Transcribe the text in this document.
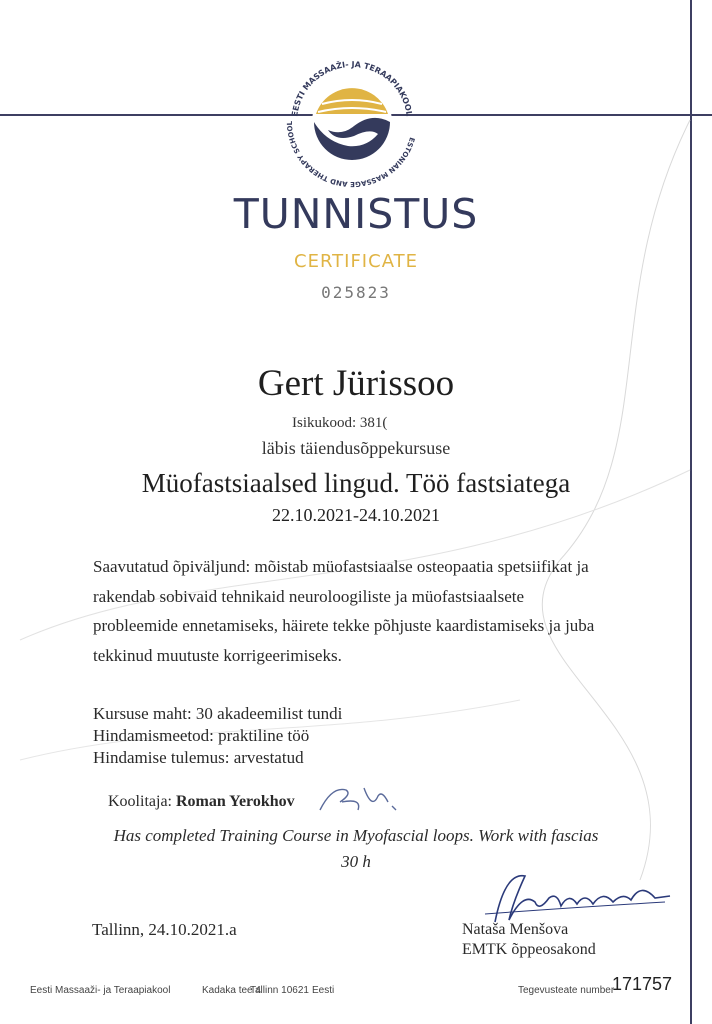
EESTI MASSAAŽI- JA TERAAPIAKOOL
ESTONIAN MASSAGE AND THERAPY SCHOOL
TUNNISTUS
CERTIFICATE
025823
Gert Jürissoo
Isikukood: 381(
läbis täiendusõppekursuse
Müofastsiaalsed lingud. Töö fastsiatega
22.10.2021-24.10.2021
Saavutatud õpiväljund: mõistab müofastsiaalse osteopaatia spetsiifikat ja
rakendab sobivaid tehnikaid neuroloogiliste ja müofastsiaalsete
probleemide ennetamiseks, häirete tekke põhjuste kaardistamiseks ja juba
tekkinud muutuste korrigeerimiseks.
Kursuse maht: 30 akadeemilist tundi
Hindamismeetod: praktiline töö
Hindamise tulemus: arvestatud
Koolitaja: Roman Yerokhov
Has completed Training Course in Myofascial loops. Work with fascias
30 h
Tallinn, 24.10.2021.a	Nataša Menšova
EMTK õppeosakond
Eesti Massaaži- ja Teraapiakool	Kadaka tee 4
Tallinn 10621 Eesti	Tegevusteate number
171757
